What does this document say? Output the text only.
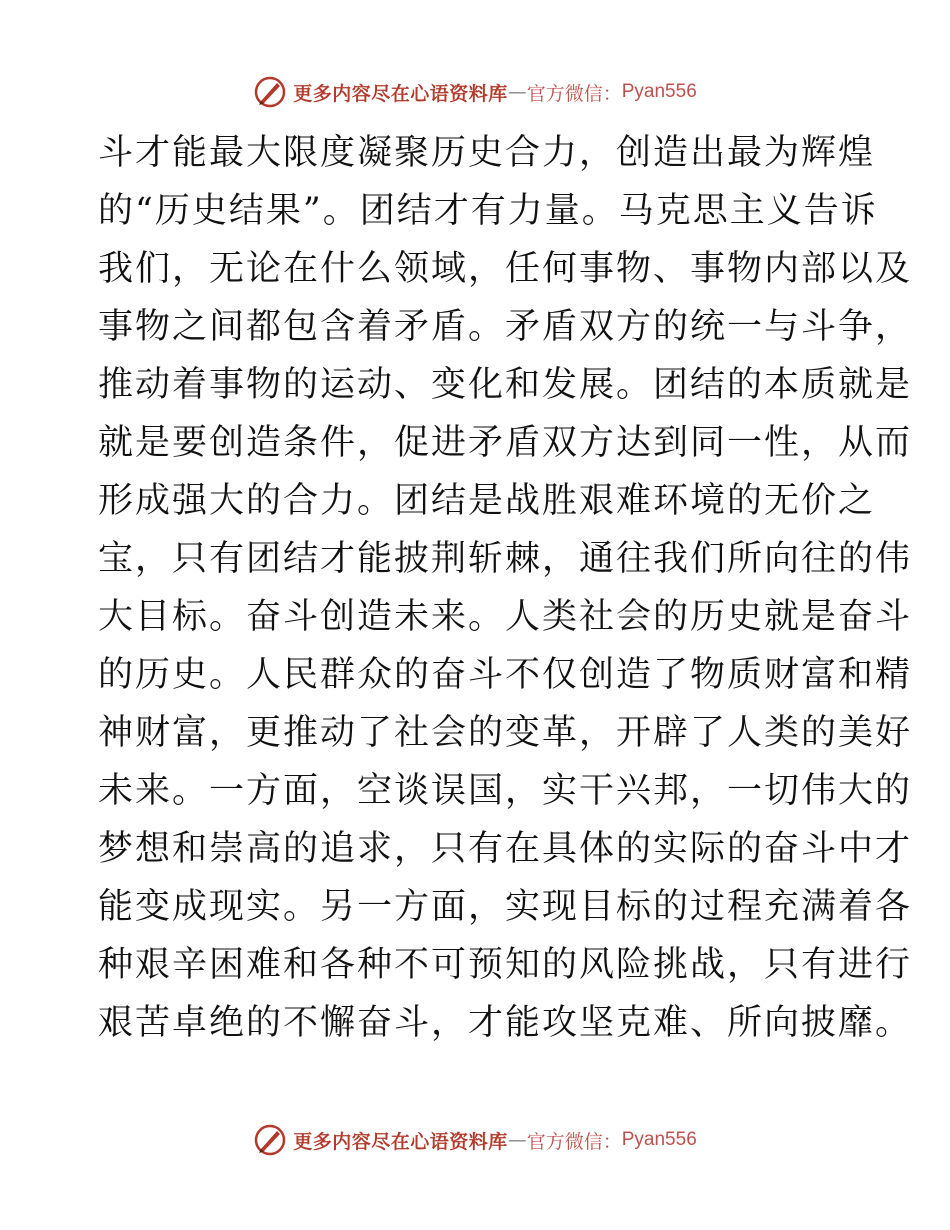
更多内容尽在心语资料库 — 官方微信： Pyan556
斗才能最大限度凝聚历史合力，创造出最为辉煌
的“历史结果”。团结才有力量。马克思主义告诉
我们，无论在什么领域，任何事物、事物内部以及
事物之间都包含着矛盾。矛盾双方的统一与斗争，
推动着事物的运动、变化和发展。团结的本质就是
就是要创造条件，促进矛盾双方达到同一性，从而
形成强大的合力。团结是战胜艰难环境的无价之
宝，只有团结才能披荆斩棘，通往我们所向往的伟
大目标。奋斗创造未来。人类社会的历史就是奋斗
的历史。人民群众的奋斗不仅创造了物质财富和精
神财富，更推动了社会的变革，开辟了人类的美好
未来。一方面，空谈误国，实干兴邦，一切伟大的
梦想和崇高的追求，只有在具体的实际的奋斗中才
能变成现实。另一方面，实现目标的过程充满着各
种艰辛困难和各种不可预知的风险挑战，只有进行
艰苦卓绝的不懈奋斗，才能攻坚克难、所向披靡。
更多内容尽在心语资料库 — 官方微信： Pyan556
